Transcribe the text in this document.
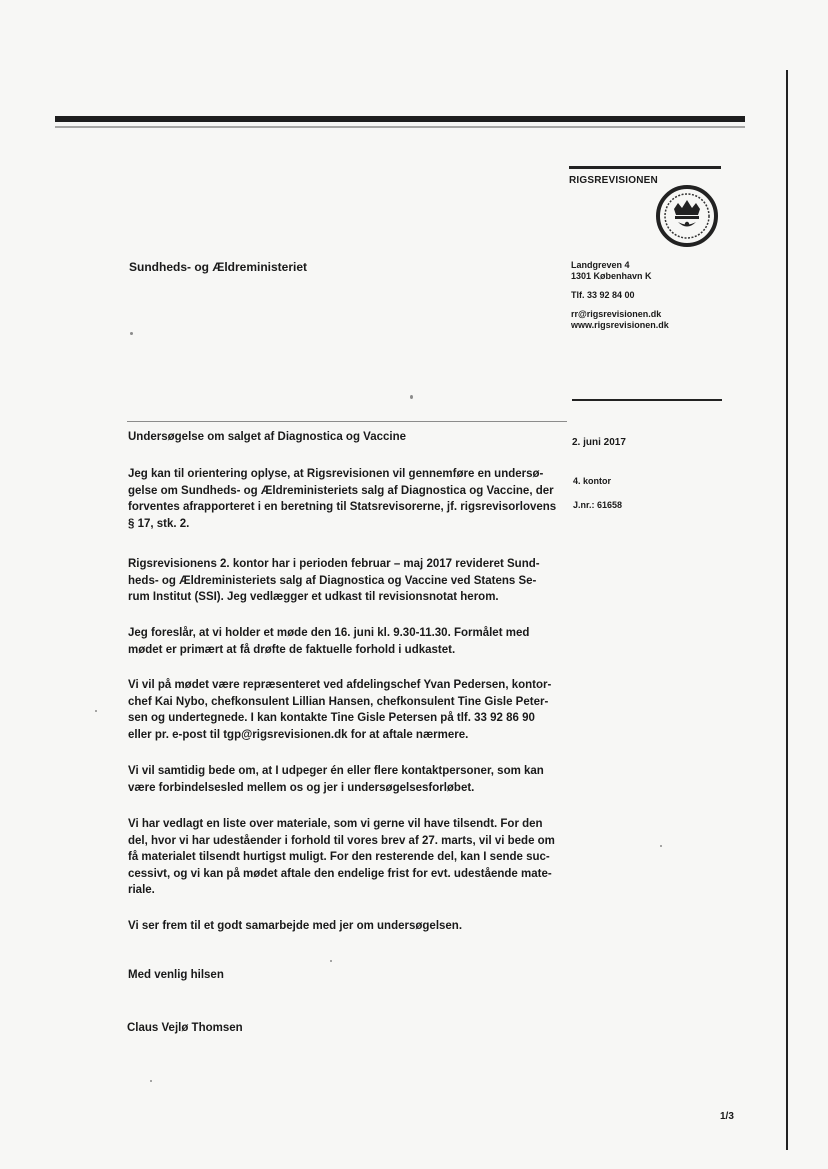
RIGSREVISIONEN
Sundheds- og Ældreministeriet	Landgreven 4
1301 København K
Tlf. 33 92 84 00
rr@rigsrevisionen.dk
www.rigsrevisionen.dk
Undersøgelse om salget af Diagnostica og Vaccine	2. juni 2017
4. kontor
J.nr.: 61658

Jeg kan til orientering oplyse, at Rigsrevisionen vil gennemføre en undersø-
gelse om Sundheds- og Ældreministeriets salg af Diagnostica og Vaccine, der
forventes afrapporteret i en beretning til Statsrevisorerne, jf. rigsrevisorlovens
§ 17, stk. 2.

Rigsrevisionens 2. kontor har i perioden februar – maj 2017 revideret Sund-
heds- og Ældreministeriets salg af Diagnostica og Vaccine ved Statens Se-
rum Institut (SSI). Jeg vedlægger et udkast til revisionsnotat herom.

Jeg foreslår, at vi holder et møde den 16. juni kl. 9.30-11.30. Formålet med
mødet er primært at få drøfte de faktuelle forhold i udkastet.

Vi vil på mødet være repræsenteret ved afdelingschef Yvan Pedersen, kontor-
chef Kai Nybo, chefkonsulent Lillian Hansen, chefkonsulent Tine Gisle Peter-
sen og undertegnede. I kan kontakte Tine Gisle Petersen på tlf. 33 92 86 90
eller pr. e-post til tgp@rigsrevisionen.dk for at aftale nærmere.

Vi vil samtidig bede om, at I udpeger én eller flere kontaktpersoner, som kan
være forbindelsesled mellem os og jer i undersøgelsesforløbet.

Vi har vedlagt en liste over materiale, som vi gerne vil have tilsendt. For den
del, hvor vi har udeståender i forhold til vores brev af 27. marts, vil vi bede om
få materialet tilsendt hurtigst muligt. For den resterende del, kan I sende suc-
cessivt, og vi kan på mødet aftale den endelige frist for evt. udestående mate-
riale.

Vi ser frem til et godt samarbejde med jer om undersøgelsen.

Med venlig hilsen
Claus Vejlø Thomsen
1/3
